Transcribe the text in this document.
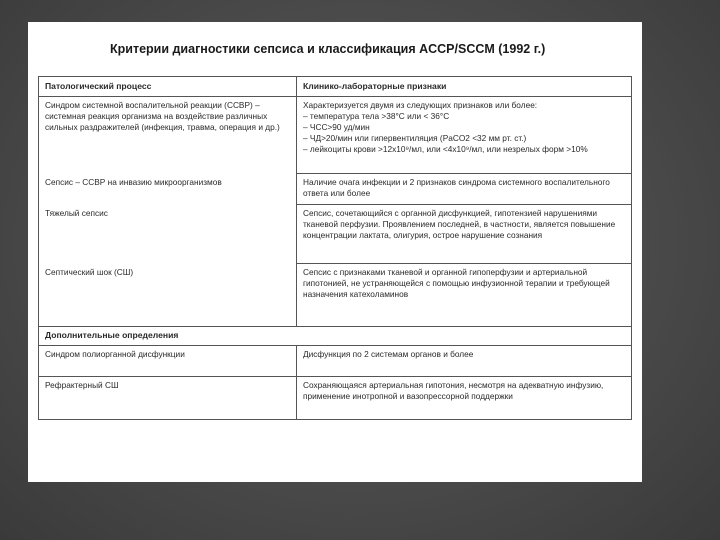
Критерии диагностики сепсиса и классификация ACCP/SCCM (1992 г.)
Патологический процесс	Клинико-лабораторные признаки
Синдром системной воспалительной реакции (ССВР) – системная реакция организма на воздействие различных сильных раздражителей (инфекция, травма, операция и др.)	Характеризуется двумя из следующих признаков или более:
– температура тела >38°С или < 36°С
– ЧСС>90 уд/мин
– ЧД>20/мин или гипервентиляция (PaCO2 <32 мм рт. ст.)
– лейкоциты крови >12x10⁹/мл, или <4x10⁹/мл, или незрелых форм >10%

Сепсис – ССВР на инвазию микроорганизмов	Наличие очага инфекции и 2 признаков синдрома системного воспалительного ответа или более
Тяжелый сепсис	Сепсис, сочетающийся с органной дисфункцией, гипотензией нарушениями тканевой перфузии. Проявлением последней, в частности, является повышение концентрации лактата, олигурия, острое нарушение сознания
Септический шок (СШ)	Сепсис с признаками тканевой и органной гипоперфузии и артериальной гипотонией, не устраняющейся с помощью инфузионной терапии и требующей назначения катехоламинов
Дополнительные определения	
Синдром полиорганной дисфункции	Дисфункция по 2 системам органов и более
Рефрактерный СШ	Сохраняющаяся артериальная гипотония, несмотря на адекватную инфузию, применение инотропной и вазопрессорной поддержки
